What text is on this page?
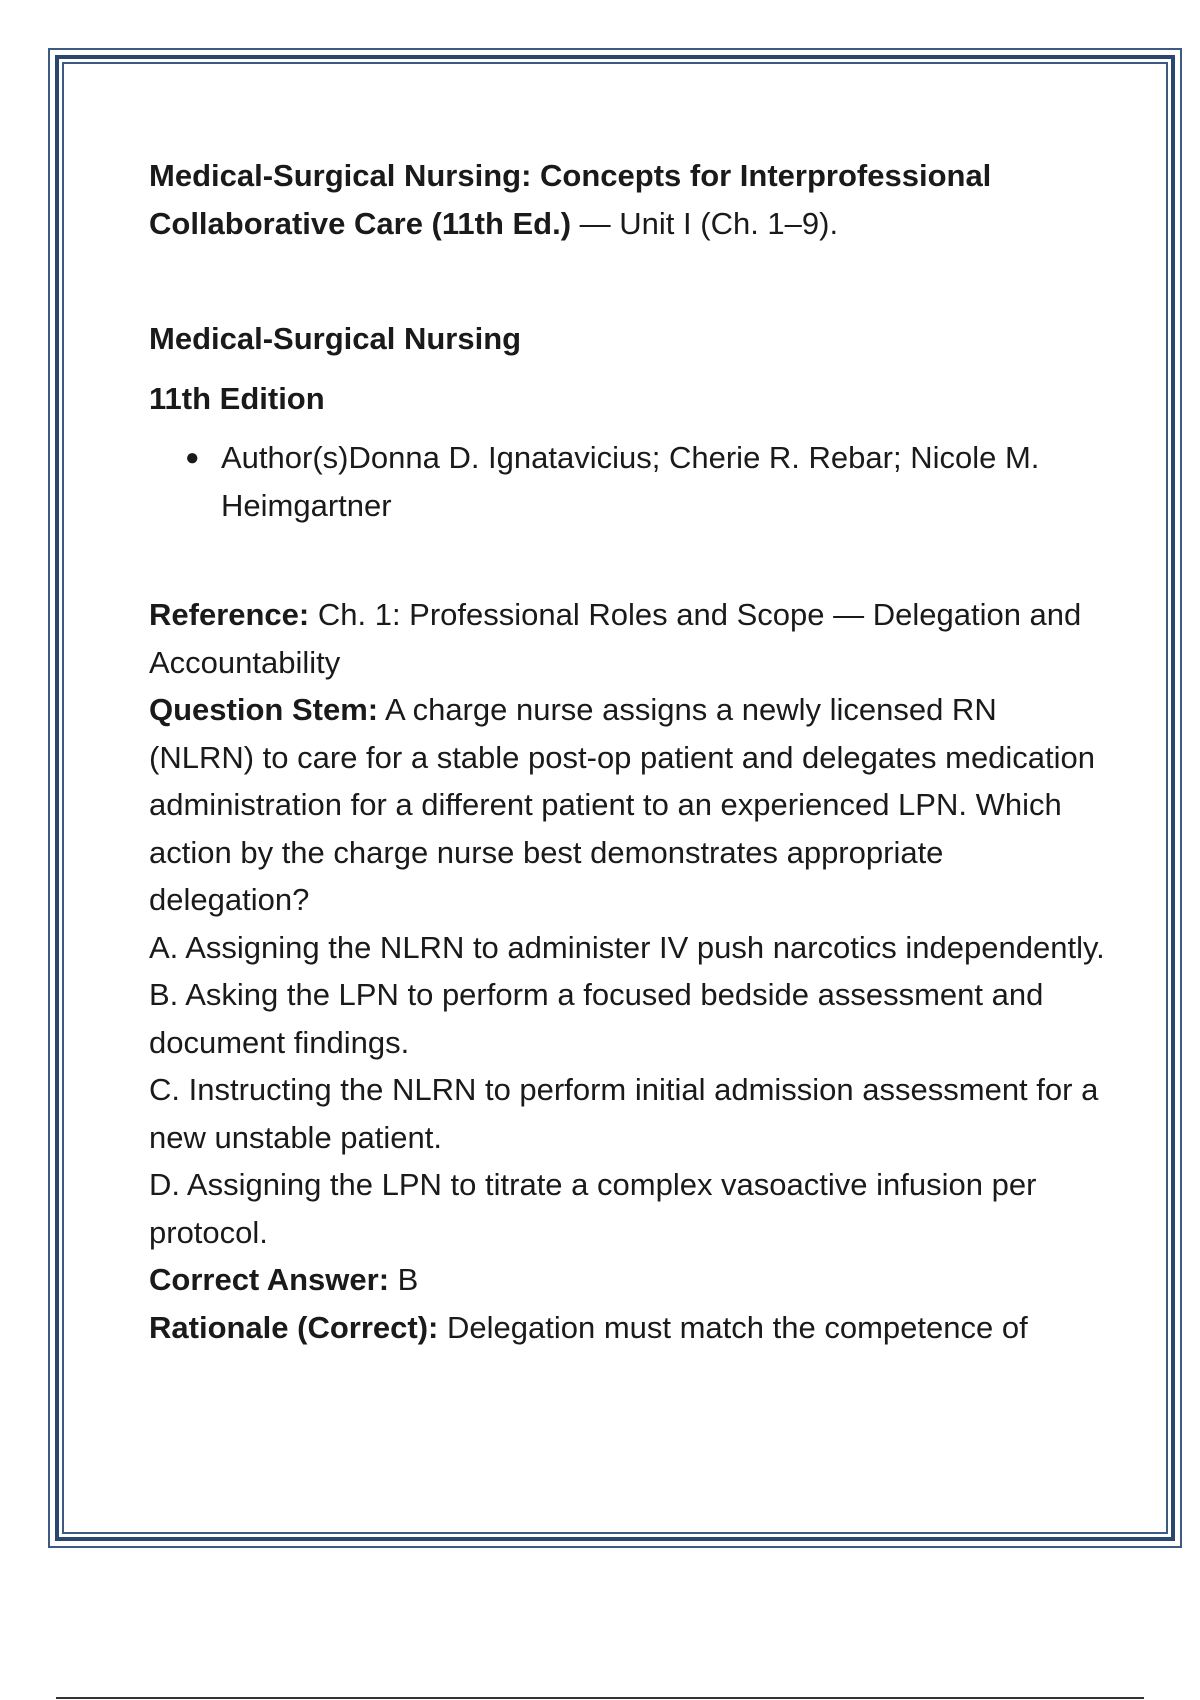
Medical-Surgical Nursing: Concepts for Interprofessional Collaborative Care (11th Ed.) — Unit I (Ch. 1–9).

Medical-Surgical Nursing

11th Edition

● Author(s)Donna D. Ignatavicius; Cherie R. Rebar; Nicole M. Heimgartner

Reference: Ch. 1: Professional Roles and Scope — Delegation and Accountability

Question Stem: A charge nurse assigns a newly licensed RN (NLRN) to care for a stable post-op patient and delegates medication administration for a different patient to an experienced LPN. Which action by the charge nurse best demonstrates appropriate delegation?

A. Assigning the NLRN to administer IV push narcotics independently.

B. Asking the LPN to perform a focused bedside assessment and document findings.

C. Instructing the NLRN to perform initial admission assessment for a new unstable patient.

D. Assigning the LPN to titrate a complex vasoactive infusion per protocol.

Correct Answer: B

Rationale (Correct): Delegation must match the competence of
